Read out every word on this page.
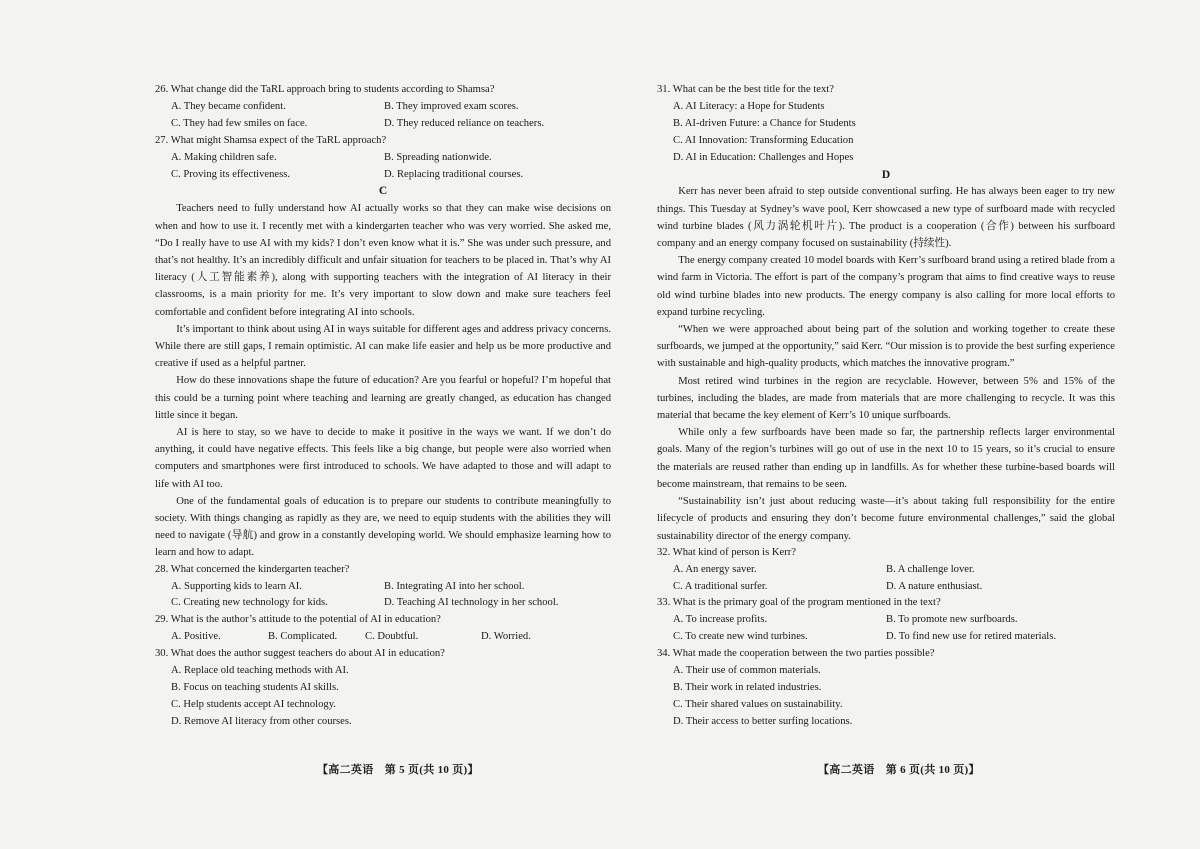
26. What change did the TaRL approach bring to students according to Shamsa?
A. They became confident.	B. They improved exam scores.
C. They had few smiles on face.	D. They reduced reliance on teachers.
27. What might Shamsa expect of the TaRL approach?
A. Making children safe.	B. Spreading nationwide.
C. Proving its effectiveness.	D. Replacing traditional courses.
C

Teachers need to fully understand how AI actually works so that they can make wise decisions on when and how to use it. I recently met with a kindergarten teacher who was very worried. She asked me, “Do I really have to use AI with my kids? I don’t even know what it is.” She was under such pressure, and that’s not healthy. It’s an incredibly difficult and unfair situation for teachers to be placed in. That’s why AI literacy (人工智能素养), along with supporting teachers with the integration of AI literacy in their classrooms, is a main priority for me. It’s very important to slow down and make sure teachers feel comfortable and confident before integrating AI into schools.

It’s important to think about using AI in ways suitable for different ages and address privacy concerns. While there are still gaps, I remain optimistic. AI can make life easier and help us be more productive and creative if used as a helpful partner.

How do these innovations shape the future of education? Are you fearful or hopeful? I’m hopeful that this could be a turning point where teaching and learning are greatly changed, as education has changed little since it began.

AI is here to stay, so we have to decide to make it positive in the ways we want. If we don’t do anything, it could have negative effects. This feels like a big change, but people were also worried when computers and smartphones were first introduced to schools. We have adapted to those and will adapt to life with AI too.

One of the fundamental goals of education is to prepare our students to contribute meaningfully to society. With things changing as rapidly as they are, we need to equip students with the abilities they will need to navigate (导航) and grow in a constantly developing world. We should emphasize learning how to learn and how to adapt.

28. What concerned the kindergarten teacher?
A. Supporting kids to learn AI.	B. Integrating AI into her school.
C. Creating new technology for kids.	D. Teaching AI technology in her school.
29. What is the author’s attitude to the potential of AI in education?
A. Positive.	B. Complicated.	C. Doubtful.	D. Worried.
30. What does the author suggest teachers do about AI in education?
A. Replace old teaching methods with AI.
B. Focus on teaching students AI skills.
C. Help students accept AI technology.
D. Remove AI literacy from other courses.
31. What can be the best title for the text?
A. AI Literacy: a Hope for Students
B. AI-driven Future: a Chance for Students
C. AI Innovation: Transforming Education
D. AI in Education: Challenges and Hopes
D

Kerr has never been afraid to step outside conventional surfing. He has always been eager to try new things. This Tuesday at Sydney’s wave pool, Kerr showcased a new type of surfboard made with recycled wind turbine blades (风力涡轮机叶片). The product is a cooperation (合作) between his surfboard company and an energy company focused on sustainability (持续性).

The energy company created 10 model boards with Kerr’s surfboard brand using a retired blade from a wind farm in Victoria. The effort is part of the company’s program that aims to find creative ways to reuse old wind turbine blades into new products. The energy company is also calling for more local efforts to expand turbine recycling.

“When we were approached about being part of the solution and working together to create these surfboards, we jumped at the opportunity,” said Kerr. “Our mission is to provide the best surfing experience with sustainable and high-quality products, which matches the innovative program.”

Most retired wind turbines in the region are recyclable. However, between 5% and 15% of the turbines, including the blades, are made from materials that are more challenging to recycle. It was this material that became the key element of Kerr’s 10 unique surfboards.

While only a few surfboards have been made so far, the partnership reflects larger environmental goals. Many of the region’s turbines will go out of use in the next 10 to 15 years, so it’s crucial to ensure the materials are reused rather than ending up in landfills. As for whether these turbine-based boards will become mainstream, that remains to be seen.

“Sustainability isn’t just about reducing waste—it’s about taking full responsibility for the entire lifecycle of products and ensuring they don’t become future environmental challenges,” said the global sustainability director of the energy company.

32. What kind of person is Kerr?
A. An energy saver.	B. A challenge lover.
C. A traditional surfer.	D. A nature enthusiast.
33. What is the primary goal of the program mentioned in the text?
A. To increase profits.	B. To promote new surfboards.
C. To create new wind turbines.	D. To find new use for retired materials.
34. What made the cooperation between the two parties possible?
A. Their use of common materials.
B. Their work in related industries.
C. Their shared values on sustainability.
D. Their access to better surfing locations.
【高二英语　第 5 页(共 10 页)】	【高二英语　第 6 页(共 10 页)】
